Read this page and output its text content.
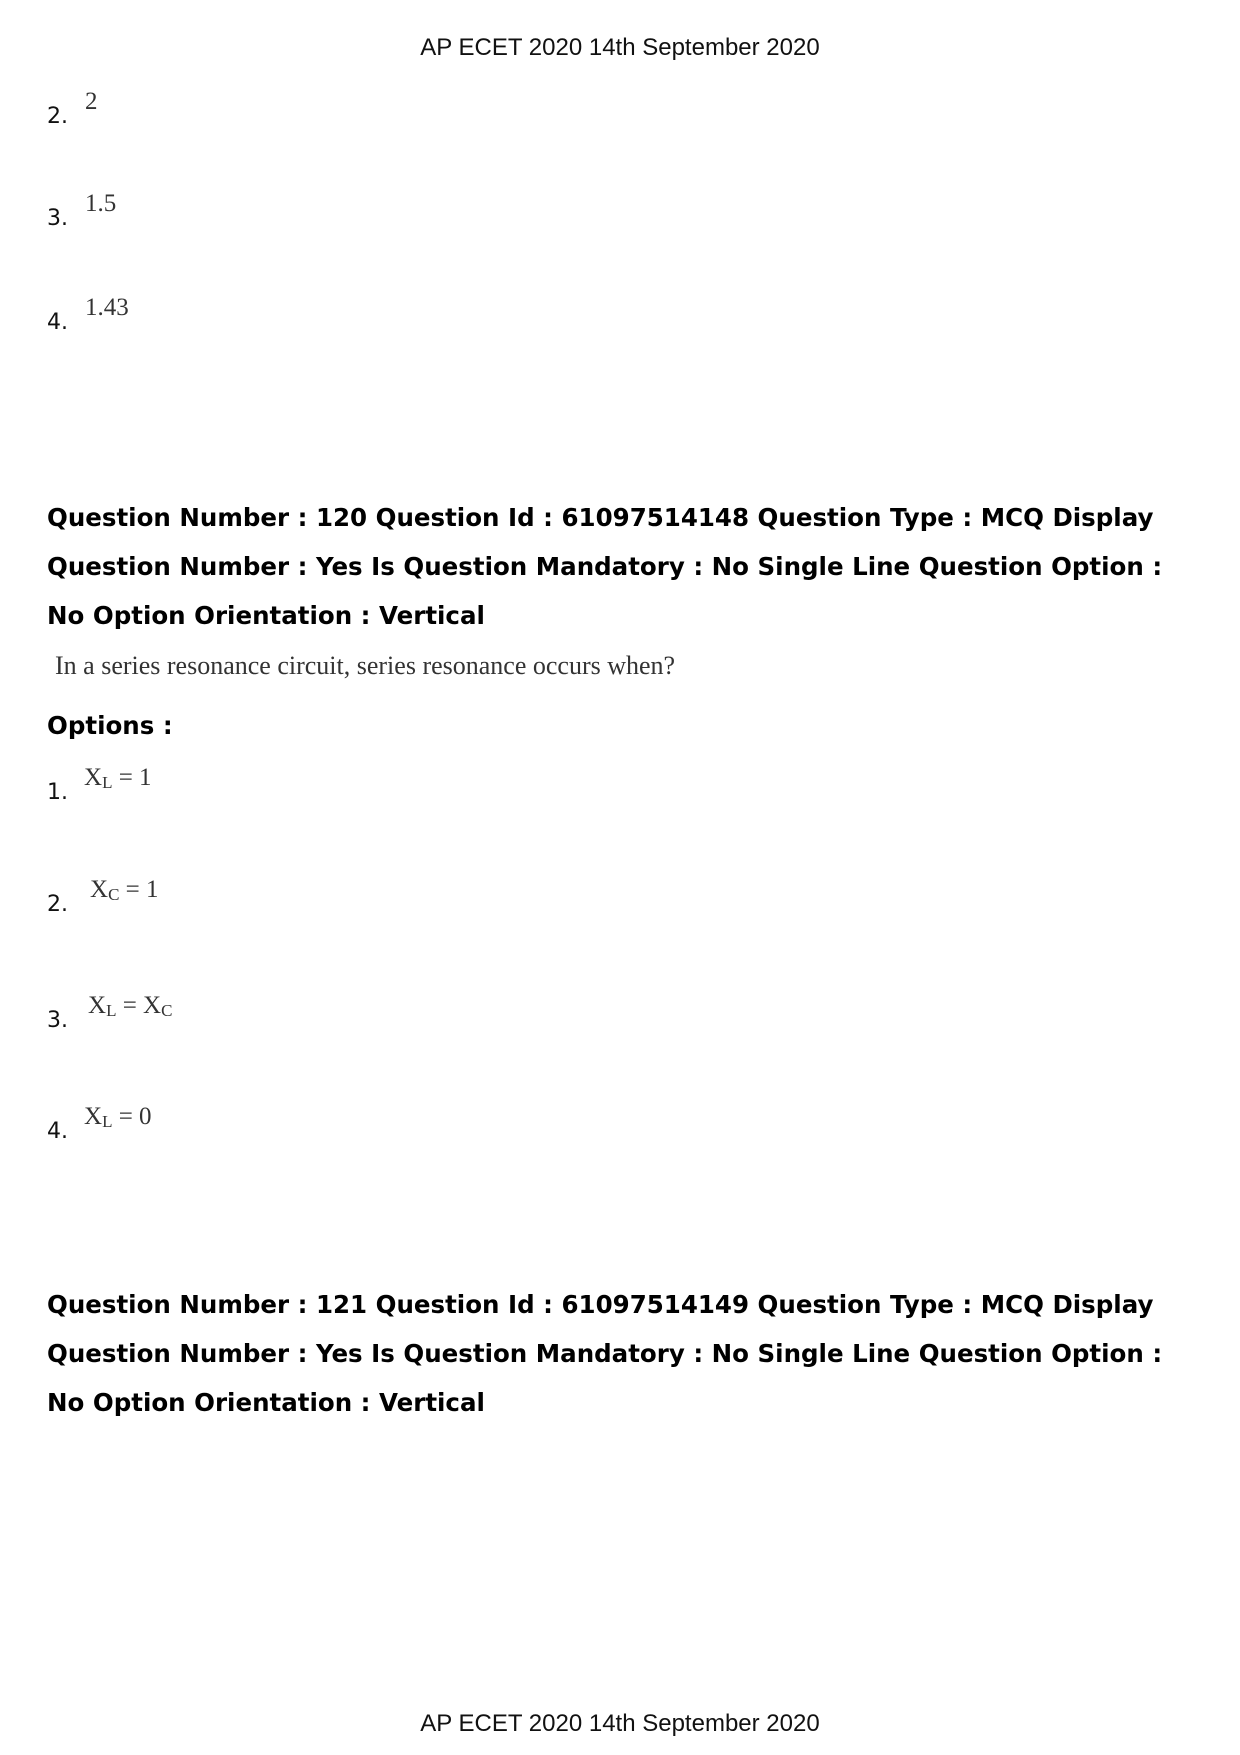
AP ECET 2020 14th September 2020
2.
2
3.
1.5
4.
1.43
Question Number : 120 Question Id : 61097514148 Question Type : MCQ Display Question Number : Yes Is Question Mandatory : No Single Line Question Option : No Option Orientation : Vertical
In a series resonance circuit, series resonance occurs when?
Options :
1.
$X_L = 1$
2.
$X_C = 1$
3.
$X_L = X_C$
4.
$X_L = 0$
Question Number : 121 Question Id : 61097514149 Question Type : MCQ Display Question Number : Yes Is Question Mandatory : No Single Line Question Option : No Option Orientation : Vertical
AP ECET 2020 14th September 2020
